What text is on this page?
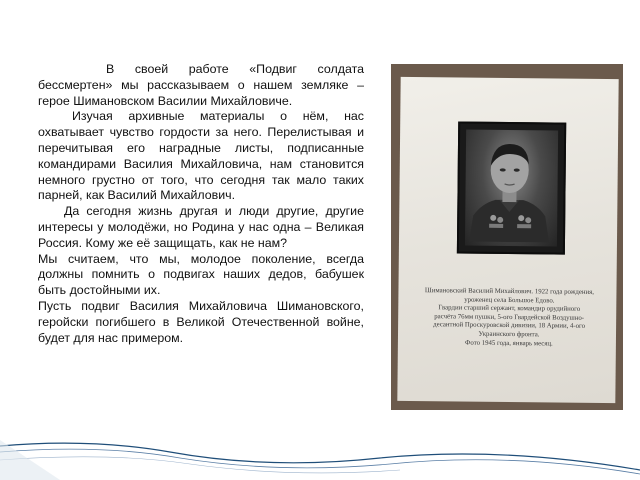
В своей работе «Подвиг солдата бессмертен» мы рассказываем о нашем земляке – герое Шимановском Василии Михайловиче.

Изучая архивные материалы о нём, нас охватывает чувство гордости за него. Перелистывая и перечитывая его наградные листы, подписанные командирами Василия Михайловича, нам становится немного грустно от того, что сегодня так мало таких парней, как Василий Михайлович.

Да сегодня жизнь другая и люди другие, другие интересы у молодёжи, но Родина у нас одна – Великая Россия. Кому же её защищать, как не нам?

Мы считаем, что мы, молодое поколение, всегда должны помнить о подвигах наших дедов, бабушек быть достойными их.

Пусть подвиг Василия Михайловича Шимановского, геройски погибшего в Великой Отечественной войне, будет для нас примером.

Шимановский Василий Михайлович. 1922 года рождения,

уроженец села Большое Едово.

Гвардии старший сержант, командир орудийного

расчёта 76мм пушки, 5-ого Гвардейской Воздушно-

десантной Проскуровской дивизии, 18 Армии, 4-ого

Украинского фронта.

Фото 1945 года, январь месяц.
